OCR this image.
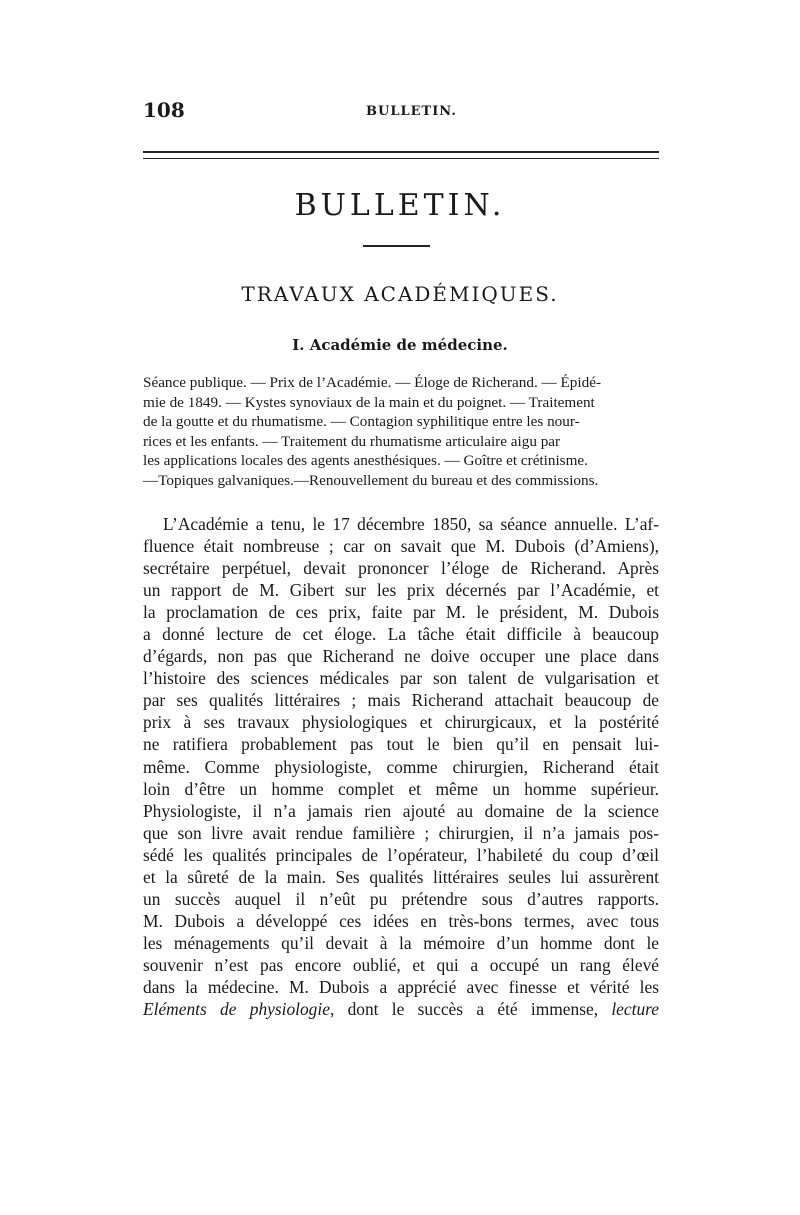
108	BULLETIN.
BULLETIN.
TRAVAUX ACADÉMIQUES.
I. Académie de médecine.
Séance publique. — Prix de l’Académie. — Éloge de Richerand. — Épidé-
mie de 1849. — Kystes synoviaux de la main et du poignet. — Traitement
de la goutte et du rhumatisme. — Contagion syphilitique entre les nour-
rices et les enfants. — Traitement du rhumatisme articulaire aigu par
les applications locales des agents anesthésiques. — Goître et crétinisme.
—Topiques galvaniques.—Renouvellement du bureau et des commissions.
L’Académie a tenu, le 17 décembre 1850, sa séance annuelle. L’af-
fluence était nombreuse ; car on savait que M. Dubois (d’Amiens),
secrétaire perpétuel, devait prononcer l’éloge de Richerand. Après
un rapport de M. Gibert sur les prix décernés par l’Académie, et
la proclamation de ces prix, faite par M. le président, M. Dubois
a donné lecture de cet éloge. La tâche était difficile à beaucoup
d’égards, non pas que Richerand ne doive occuper une place dans
l’histoire des sciences médicales par son talent de vulgarisation et
par ses qualités littéraires ; mais Richerand attachait beaucoup de
prix à ses travaux physiologiques et chirurgicaux, et la postérité
ne ratifiera probablement pas tout le bien qu’il en pensait lui-
même. Comme physiologiste, comme chirurgien, Richerand était
loin d’être un homme complet et même un homme supérieur.
Physiologiste, il n’a jamais rien ajouté au domaine de la science
que son livre avait rendue familière ; chirurgien, il n’a jamais pos-
sédé les qualités principales de l’opérateur, l’habileté du coup d’œil
et la sûreté de la main. Ses qualités littéraires seules lui assurèrent
un succès auquel il n’eût pu prétendre sous d’autres rapports.
M. Dubois a développé ces idées en très-bons termes, avec tous
les ménagements qu’il devait à la mémoire d’un homme dont le
souvenir n’est pas encore oublié, et qui a occupé un rang élevé
dans la médecine. M. Dubois a apprécié avec finesse et vérité les
Eléments de physiologie, dont le succès a été immense, lecture
